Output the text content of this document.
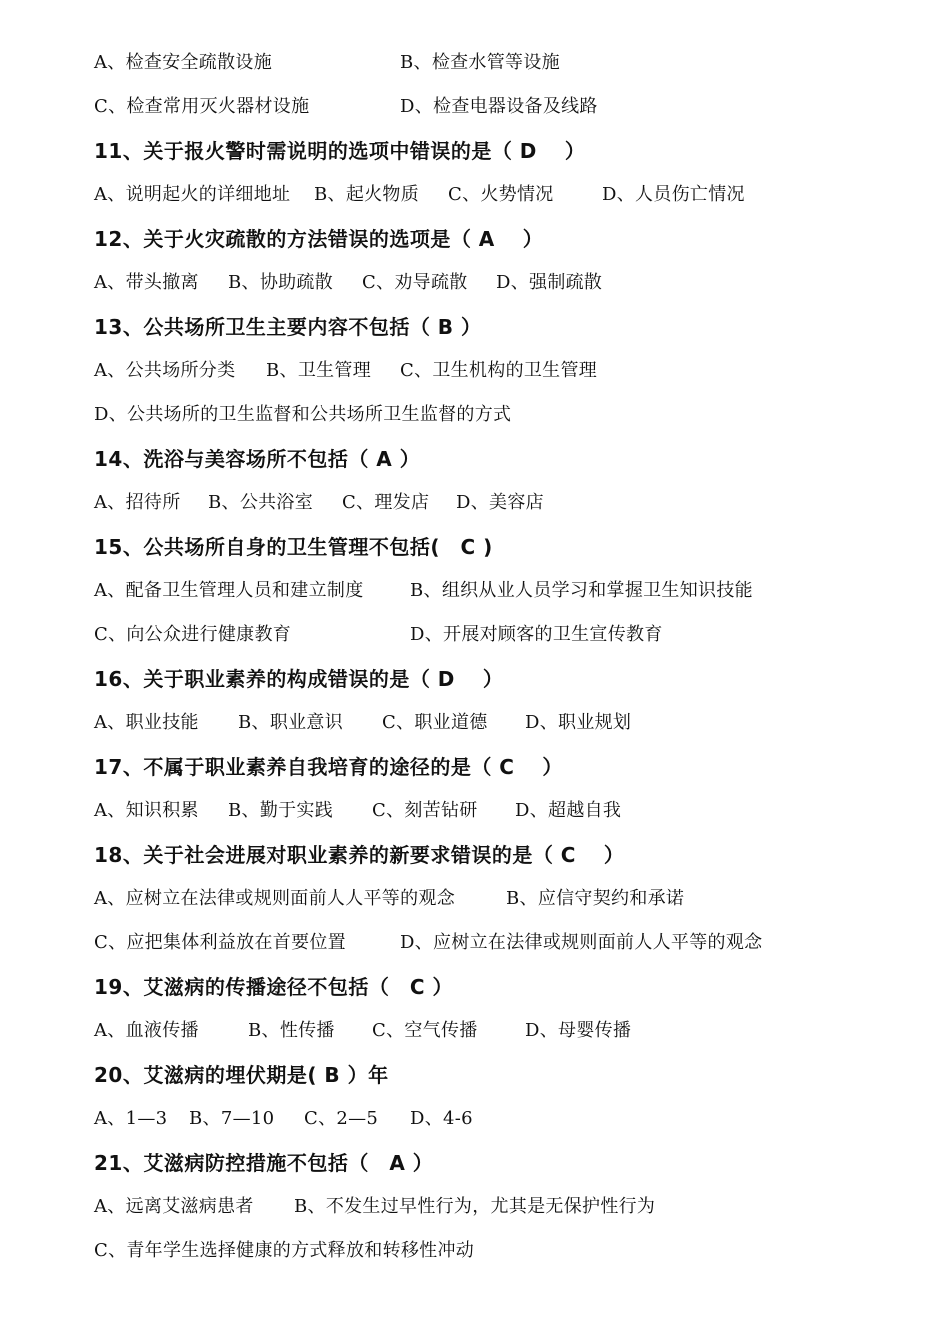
A、检查安全疏散设施	B、检查水管等设施
C、检查常用灭火器材设施	D、检查电器设备及线路
11、关于报火警时需说明的选项中错误的是（ D　 ）
A、说明起火的详细地址 B、起火物质 C、火势情况	D、人员伤亡情况
12、关于火灾疏散的方法错误的选项是（ A　 ）
A、带头撤离 B、协助疏散 C、劝导疏散 D、强制疏散
13、公共场所卫生主要内容不包括（ B ）
A、公共场所分类 B、卫生管理 C、卫生机构的卫生管理
D、公共场所的卫生监督和公共场所卫生监督的方式
14、洗浴与美容场所不包括（ A ）
A、招待所 B、公共浴室 C、理发店 D、美容店
15、公共场所自身的卫生管理不包括(　C )
A、配备卫生管理人员和建立制度	B、组织从业人员学习和掌握卫生知识技能
C、向公众进行健康教育	D、开展对顾客的卫生宣传教育
16、关于职业素养的构成错误的是（ D　 ）
A、职业技能 B、职业意识 C、职业道德 D、职业规划
17、不属于职业素养自我培育的途径的是（ C　 ）
A、知识积累 B、勤于实践 C、刻苦钻研 D、超越自我
18、关于社会进展对职业素养的新要求错误的是（ C　 ）
A、应树立在法律或规则面前人人平等的观念	B、应信守契约和承诺
C、应把集体利益放在首要位置	D、应树立在法律或规则面前人人平等的观念
19、艾滋病的传播途径不包括（　C ）
A、血液传播	B、性传播 C、空气传播	D、母婴传播
20、艾滋病的埋伏期是( B ）年
A、1—3 B、7—10 C、2—5 D、4-6
21、艾滋病防控措施不包括（　A ）
A、远离艾滋病患者 B、不发生过早性行为，尤其是无保护性行为
C、青年学生选择健康的方式释放和转移性冲动
